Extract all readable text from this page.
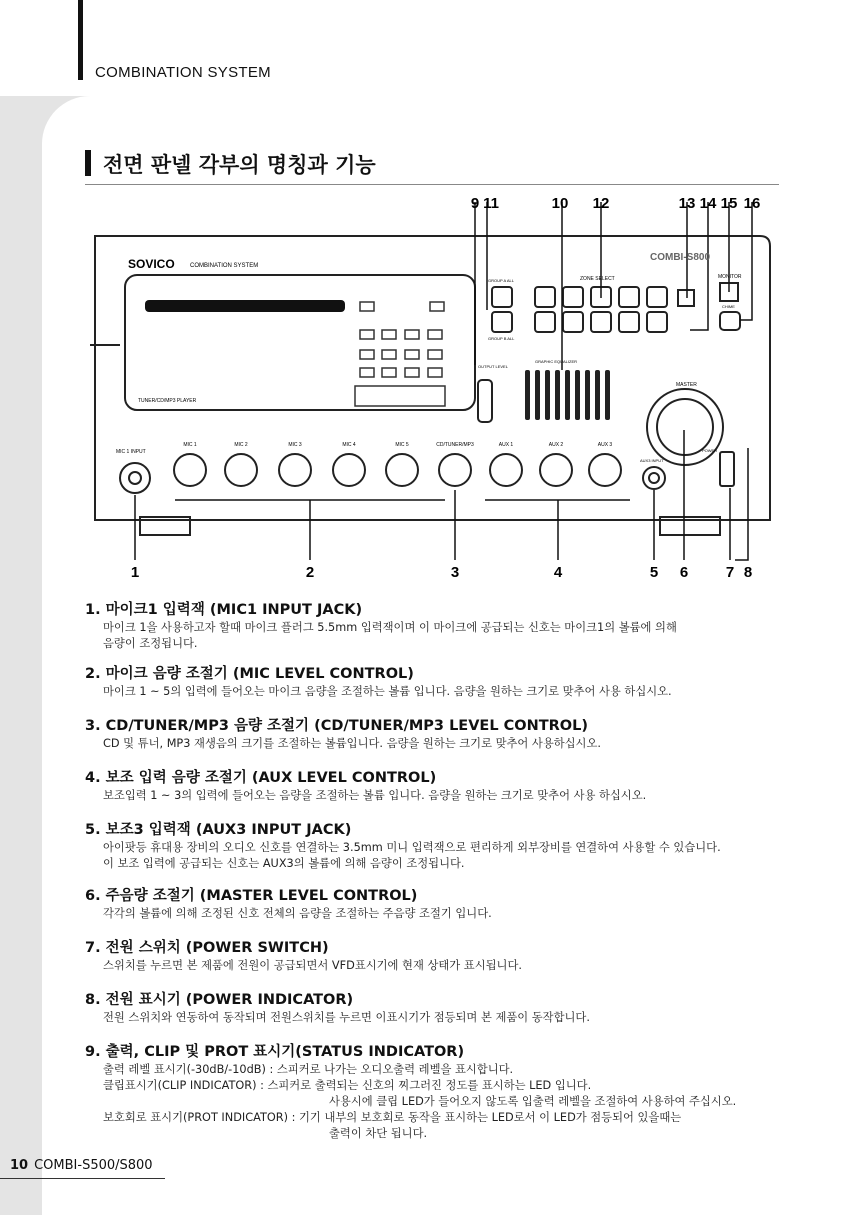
COMBINATION SYSTEM
전면 판넬 각부의 명칭과 기능
SOVICO	COMBINATION SYSTEM
COMBI-S800
ZONE SELECT
GROUP A ALL
GROUP B ALL
MONITOR
CHIME
POWER
TUNER/CD/MP3 PLAYER
OUTPUT LEVEL
GRAPHIC EQUALIZER
MASTER
MIC 1 INPUT
AUX3 INPUT
MIC 1	MIC 2	MIC 3	MIC 4	MIC 5	CD/TUNER/MP3	AUX 1	AUX 2	AUX 3
9 11	10 12	13 14 15 16
1	2	3	4	5 6	7 8
1. 마이크1 입력잭 (MIC1 INPUT JACK)

마이크 1을 사용하고자 할때 마이크 플러그 5.5mm 입력잭이며 이 마이크에 공급되는 신호는 마이크1의 볼륨에 의해
음량이 조정됩니다.

2. 마이크 음량 조절기 (MIC LEVEL CONTROL)

마이크 1 ~ 5의 입력에 들어오는 마이크 음량을 조절하는 볼륨 입니다. 음량을 원하는 크기로 맞추어 사용 하십시오.

3. CD/TUNER/MP3 음량 조절기 (CD/TUNER/MP3 LEVEL CONTROL)

CD 및 튜너, MP3 재생음의 크기를 조절하는 볼륨입니다. 음량을 원하는 크기로 맞추어 사용하십시오.

4. 보조 입력 음량 조절기 (AUX LEVEL CONTROL)

보조입력 1 ~ 3의 입력에 들어오는 음량을 조절하는 볼륨 입니다. 음량을 원하는 크기로 맞추어 사용 하십시오.

5. 보조3 입력잭 (AUX3 INPUT JACK)

아이팟등 휴대용 장비의 오디오 신호를 연결하는 3.5mm 미니 입력잭으로 편리하게 외부장비를 연결하여 사용할 수 있습니다.
이 보조 입력에 공급되는 신호는 AUX3의 볼륨에 의해 음량이 조정됩니다.

6. 주음량 조절기 (MASTER LEVEL CONTROL)

각각의 볼륨에 의해 조정된 신호 전체의 음량을 조절하는 주음량 조절기 입니다.

7. 전원 스위치 (POWER SWITCH)

스위치를 누르면 본 제품에 전원이 공급되면서 VFD표시기에 현재 상태가 표시됩니다.

8. 전원 표시기 (POWER INDICATOR)

전원 스위치와 연동하여 동작되며 전원스위치를 누르면 이표시기가 점등되며 본 제품이 동작합니다.

9. 출력, CLIP 및 PROT 표시기(STATUS INDICATOR)

출력 레벨 표시기(-30dB/-10dB) : 스피커로 나가는 오디오출력 레벨을 표시합니다.
클립표시기(CLIP INDICATOR) : 스피커로 출력되는 신호의 찌그러진 정도를 표시하는 LED 입니다.
사용시에 클립 LED가 들어오지 않도록 입출력 레벨을 조절하여 사용하여 주십시오.
보호회로 표시기(PROT INDICATOR) : 기기 내부의 보호회로 동작을 표시하는 LED로서 이 LED가 점등되어 있을때는
출력이 차단 됩니다.

10 COMBI-S500/S800
